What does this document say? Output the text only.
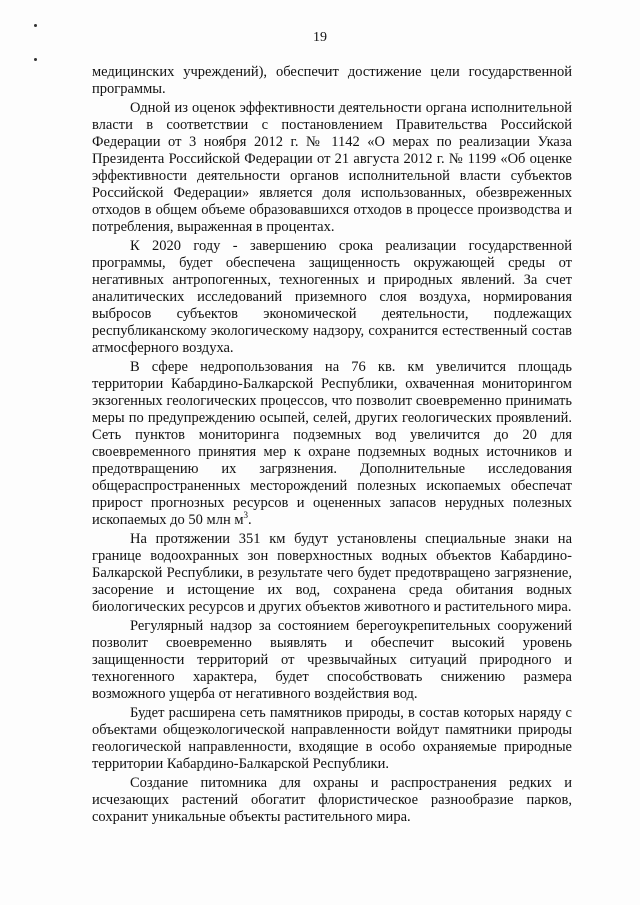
19

медицинских учреждений), обеспечит достижение цели государственной программы.

Одной из оценок эффективности деятельности органа исполнительной власти в соответствии с постановлением Правительства Российской Федерации от 3 ноября 2012 г. № 1142 «О мерах по реализации Указа Президента Российской Федерации от 21 августа 2012 г. № 1199 «Об оценке эффективности деятельности органов исполнительной власти субъектов Российской Федерации» является доля использованных, обезвреженных отходов в общем объеме образовавшихся отходов в процессе производства и потребления, выраженная в процентах.

К 2020 году - завершению срока реализации государственной программы, будет обеспечена защищенность окружающей среды от негативных антропогенных, техногенных и природных явлений. За счет аналитических исследований приземного слоя воздуха, нормирования выбросов субъектов экономической деятельности, подлежащих республиканскому экологическому надзору, сохранится естественный состав атмосферного воздуха.

В сфере недропользования на 76 кв. км увеличится площадь территории Кабардино-Балкарской Республики, охваченная мониторингом экзогенных геологических процессов, что позволит своевременно принимать меры по предупреждению осыпей, селей, других геологических проявлений. Сеть пунктов мониторинга подземных вод увеличится до 20 для своевременного принятия мер к охране подземных водных источников и предотвращению их загрязнения. Дополнительные исследования общераспространенных месторождений полезных ископаемых обеспечат прирост прогнозных ресурсов и оцененных запасов нерудных полезных ископаемых до 50 млн $м^3$.

На протяжении 351 км будут установлены специальные знаки на границе водоохранных зон поверхностных водных объектов Кабардино-Балкарской Республики, в результате чего будет предотвращено загрязнение, засорение и истощение их вод, сохранена среда обитания водных биологических ресурсов и других объектов животного и растительного мира.

Регулярный надзор за состоянием берегоукрепительных сооружений позволит своевременно выявлять и обеспечит высокий уровень защищенности территорий от чрезвычайных ситуаций природного и техногенного характера, будет способствовать снижению размера возможного ущерба от негативного воздействия вод.

Будет расширена сеть памятников природы, в состав которых наряду с объектами общеэкологической направленности войдут памятники природы геологической направленности, входящие в особо охраняемые природные территории Кабардино-Балкарской Республики.

Создание питомника для охраны и распространения редких и исчезающих растений обогатит флористическое разнообразие парков, сохранит уникальные объекты растительного мира.
